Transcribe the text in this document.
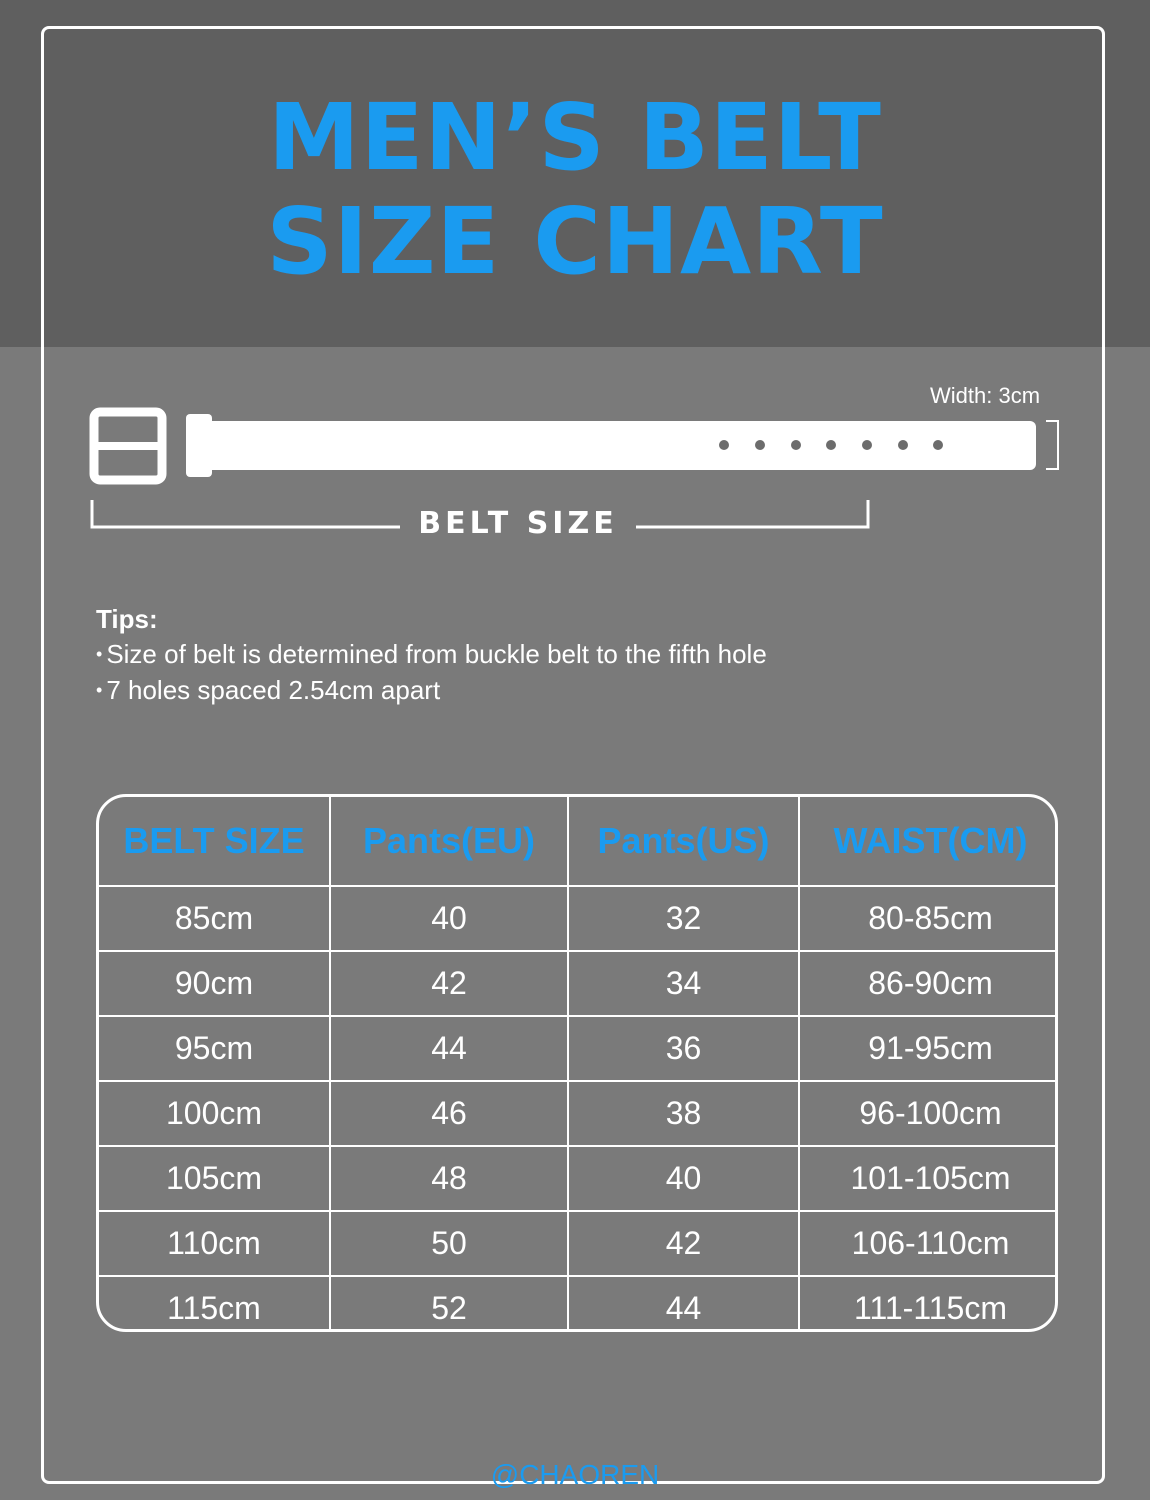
MEN’S BELT
SIZE CHART
Width: 3cm
BELT SIZE
Tips:
• Size of belt is determined from buckle belt to the fifth hole
• 7 holes spaced 2.54cm apart
BELT SIZE	Pants(EU)	Pants(US)	WAIST(CM)
85cm	40	32	80-85cm
90cm	42	34	86-90cm
95cm	44	36	91-95cm
100cm	46	38	96-100cm
105cm	48	40	101-105cm
110cm	50	42	106-110cm
115cm	52	44	111-115cm
@CHAOREN
